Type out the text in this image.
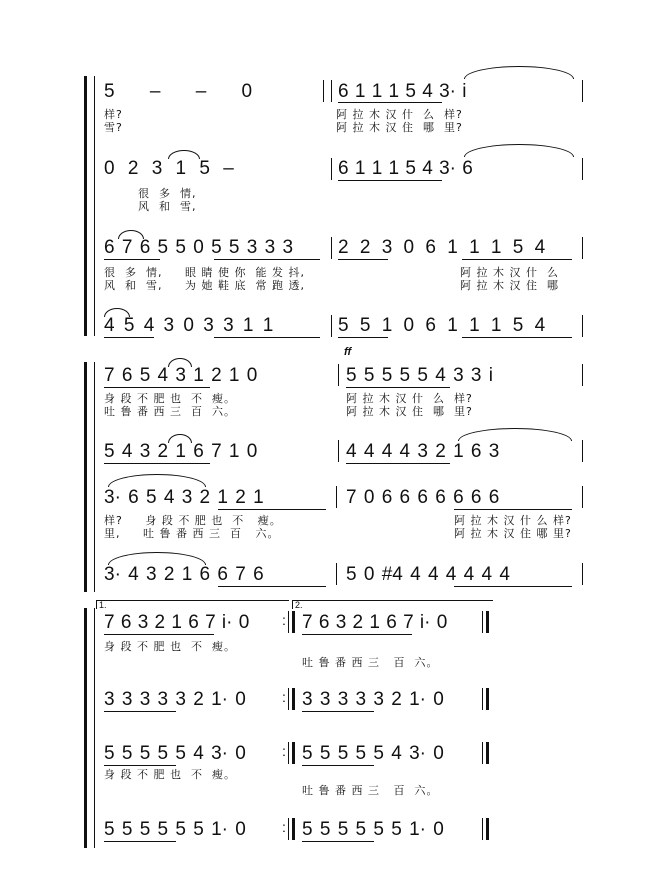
5 – – 0	6 1 1 1 5 4 3· i
样?	阿 拉 木 汉 什  么  样?
雪?	阿 拉 木 汉 住  哪  里?
0 2 3 1 5 –	6 1 1 1 5 4 3· 6
很  多  情,
风  和  雪,
6 7 6 5 5 0 5 5 3 3 3 2 2 3 0 6 1 1 1 5 4
很  多  情,     眼 睛 使 你  能 发 抖,	阿 拉 木 汉 什  么
风  和  雪,     为 她 鞋 底  常 跑 透,	阿 拉 木 汉 住  哪
4 5 4 3 0 3 3 1 1	5 5 1 0 6 1 1 1 5 4
ff
7 6 5 4 3 1 2 1 0	5 5 5 5 5 4 3 3 i
身 段 不 肥 也  不  瘦。	阿 拉 木 汉 什  么  样?
吐 鲁 番 西 三  百  六。	阿 拉 木 汉 住  哪  里?
5 4 3 2 1 6 7 1 0	4 4 4 4 3 2 1 6 3
3· 6 5 4 3 2 1 2 1	7 0 6 6 6 6 6 6 6
样?     身 段 不 肥 也  不   瘦。	阿 拉 木 汉 什 么 样?
里,     吐 鲁 番 西 三  百   六。	阿 拉 木 汉 住 哪 里?
3· 4 3 2 1 6 6 7 6	5 0 #4 4 4 4 4 4 4
1.	2.
7 6 3 2 1 6 7 i· 0 : 7 6 3 2 1 6 7 i· 0
身 段 不 肥 也  不  瘦。
吐 鲁 番 西 三   百  六。
3 3 3 3 3 2 1· 0	: 3 3 3 3 3 2 1· 0
5 5 5 5 5 4 3· 0	: 5 5 5 5 5 4 3· 0
身 段 不 肥 也  不  瘦。
吐 鲁 番 西 三   百  六。
5 5 5 5 5 5 1· 0	: 5 5 5 5 5 5 1· 0
